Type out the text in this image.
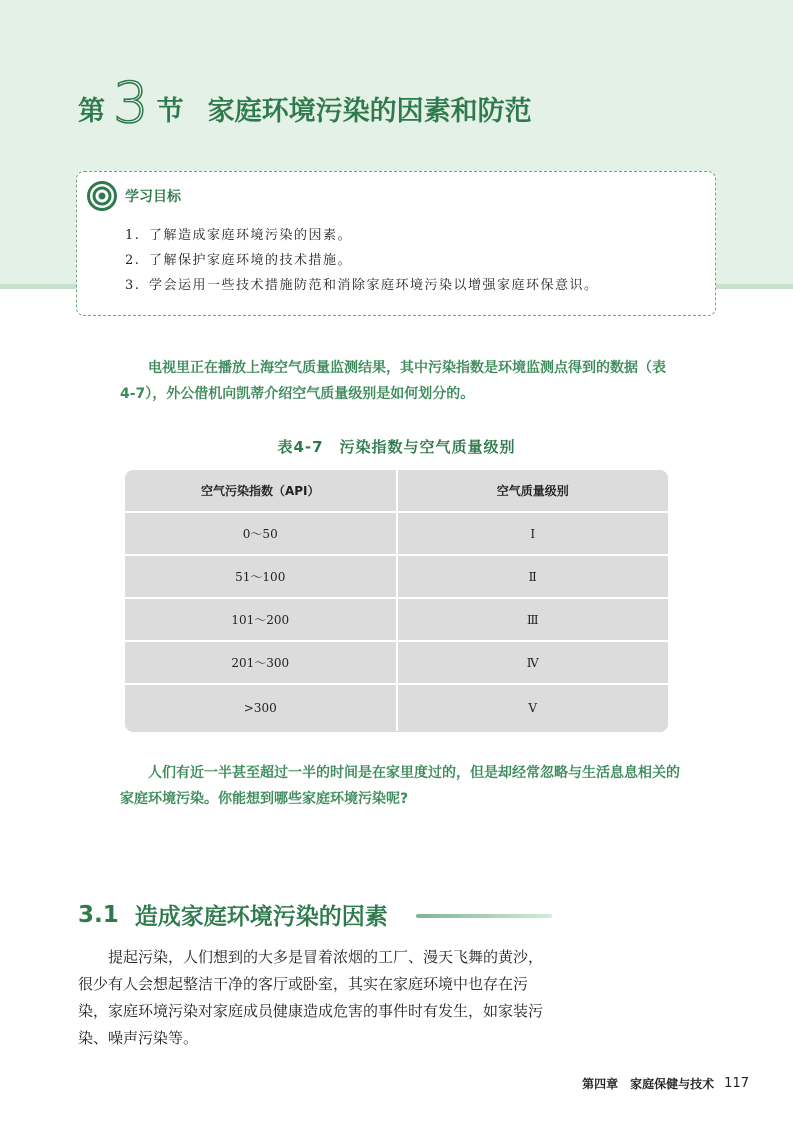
第 3 节 家庭环境污染的因素和防范
学习目标
1. 了解造成家庭环境污染的因素。
2. 了解保护家庭环境的技术措施。
3. 学会运用一些技术措施防范和消除家庭环境污染以增强家庭环保意识。

电视里正在播放上海空气质量监测结果，其中污染指数是环境监测点得到的数据（表4-7），外公借机向凯蒂介绍空气质量级别是如何划分的。

表4-7　污染指数与空气质量级别
空气污染指数（API）	空气质量级别
0～50	Ⅰ
51～100	Ⅱ
101～200	Ⅲ
201～300	Ⅳ
>300	Ⅴ

人们有近一半甚至超过一半的时间是在家里度过的，但是却经常忽略与生活息息相关的家庭环境污染。你能想到哪些家庭环境污染呢?

3.1 造成家庭环境污染的因素

提起污染，人们想到的大多是冒着浓烟的工厂、漫天飞舞的黄沙，很少有人会想起整洁干净的客厅或卧室，其实在家庭环境中也存在污染，家庭环境污染对家庭成员健康造成危害的事件时有发生，如家装污染、噪声污染等。

第四章　家庭保健与技术 117
